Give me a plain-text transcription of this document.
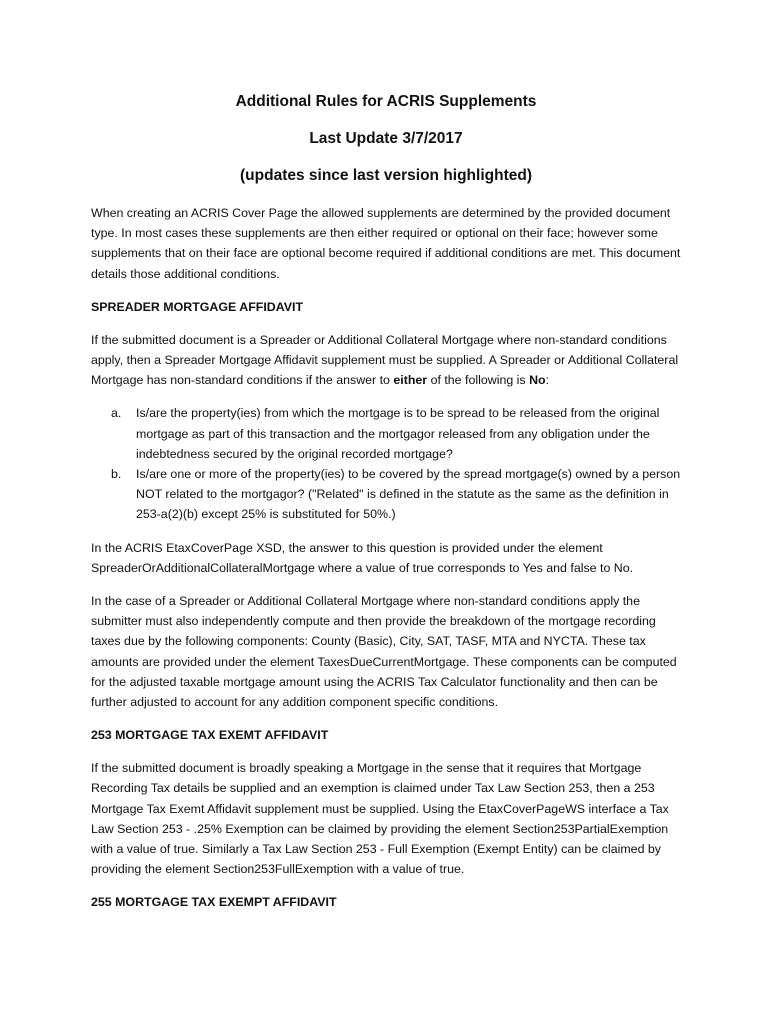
Additional Rules for ACRIS Supplements
Last Update 3/7/2017
(updates since last version highlighted)

When creating an ACRIS Cover Page the allowed supplements are determined by the provided document type. In most cases these supplements are then either required or optional on their face; however some supplements that on their face are optional become required if additional conditions are met. This document details those additional conditions.

SPREADER MORTGAGE AFFIDAVIT

If the submitted document is a Spreader or Additional Collateral Mortgage where non-standard conditions apply, then a Spreader Mortgage Affidavit supplement must be supplied. A Spreader or Additional Collateral Mortgage has non-standard conditions if the answer to either of the following is No:

a. Is/are the property(ies) from which the mortgage is to be spread to be released from the original mortgage as part of this transaction and the mortgagor released from any obligation under the indebtedness secured by the original recorded mortgage?
b. Is/are one or more of the property(ies) to be covered by the spread mortgage(s) owned by a person NOT related to the mortgagor? ("Related" is defined in the statute as the same as the definition in 253-a(2)(b) except 25% is substituted for 50%.)

In the ACRIS EtaxCoverPage XSD, the answer to this question is provided under the element SpreaderOrAdditionalCollateralMortgage where a value of true corresponds to Yes and false to No.

In the case of a Spreader or Additional Collateral Mortgage where non-standard conditions apply the submitter must also independently compute and then provide the breakdown of the mortgage recording taxes due by the following components: County (Basic), City, SAT, TASF, MTA and NYCTA. These tax amounts are provided under the element TaxesDueCurrentMortgage. These components can be computed for the adjusted taxable mortgage amount using the ACRIS Tax Calculator functionality and then can be further adjusted to account for any addition component specific conditions.

253 MORTGAGE TAX EXEMT AFFIDAVIT

If the submitted document is broadly speaking a Mortgage in the sense that it requires that Mortgage Recording Tax details be supplied and an exemption is claimed under Tax Law Section 253, then a 253 Mortgage Tax Exemt Affidavit supplement must be supplied. Using the EtaxCoverPageWS interface a Tax Law Section 253 - .25% Exemption can be claimed by providing the element Section253PartialExemption with a value of true. Similarly a Tax Law Section 253 - Full Exemption (Exempt Entity) can be claimed by providing the element Section253FullExemption with a value of true.

255 MORTGAGE TAX EXEMPT AFFIDAVIT
